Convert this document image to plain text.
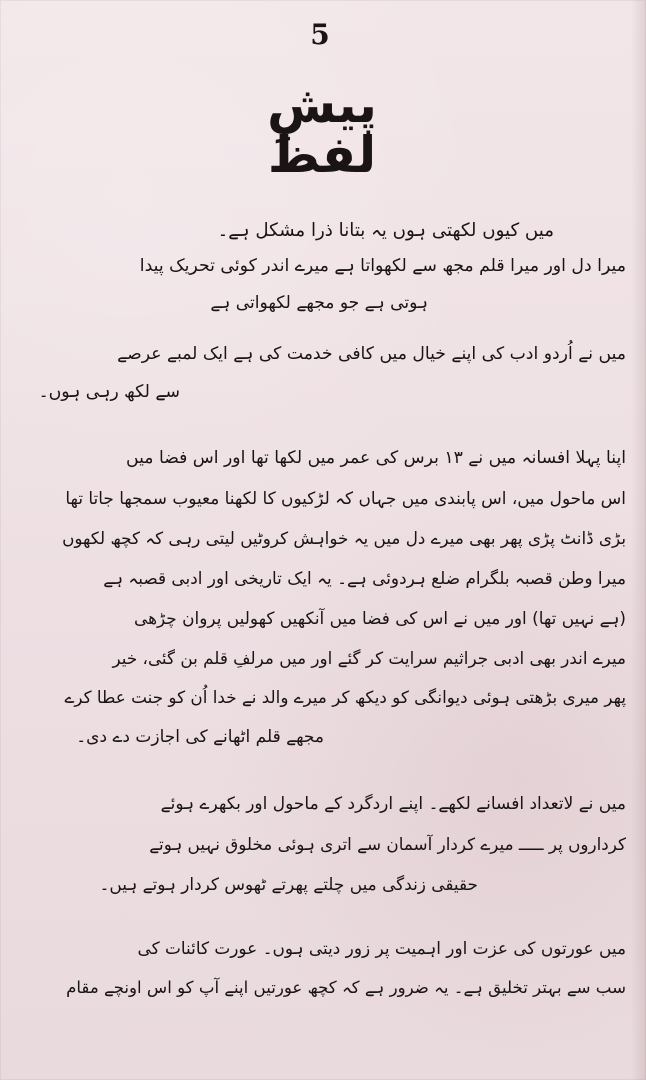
5
پیشِ لفظ
میں کیوں لکھتی ہوں یہ بتانا ذرا مشکل ہے۔
میرا دل اور میرا قلم مجھ سے لکھواتا ہے میرے اندر کوئی تحریک پیدا
ہوتی ہے جو مجھے لکھواتی ہے
میں نے اُردو ادب کی اپنے خیال میں کافی خدمت کی ہے ایک لمبے عرصے
سے لکھ رہی ہوں۔
اپنا پہلا افسانہ میں نے ۱۳ برس کی عمر میں لکھا تھا اور اس فضا میں
اس ماحول میں، اس پابندی میں جہاں کہ لڑکیوں کا لکھنا معیوب سمجھا جاتا تھا
بڑی ڈانٹ پڑی پھر بھی میرے دل میں یہ خواہش کروٹیں لیتی رہی کہ کچھ لکھوں
میرا وطن قصبہ بلگرام ضلع ہردوئی ہے۔ یہ ایک تاریخی اور ادبی قصبہ ہے
(ہے نہیں تھا) اور میں نے اس کی فضا میں آنکھیں کھولیں پروان چڑھی
میرے اندر بھی ادبی جراثیم سرایت کر گئے اور میں مرلفِ قلم بن گئی، خیر
پھر میری بڑھتی ہوئی دیوانگی کو دیکھ کر میرے والد نے خدا اُن کو جنت عطا کرے
مجھے قلم اٹھانے کی اجازت دے دی۔
میں نے لاتعداد افسانے لکھے۔ اپنے اردگرد کے ماحول اور بکھرے ہوئے
کرداروں پر ـــــ میرے کردار آسمان سے اتری ہوئی مخلوق نہیں ہوتے
حقیقی زندگی میں چلتے پھرتے ٹھوس کردار ہوتے ہیں۔
میں عورتوں کی عزت اور اہمیت پر زور دیتی ہوں۔ عورت کائنات کی
سب سے بہتر تخلیق ہے۔ یہ ضرور ہے کہ کچھ عورتیں اپنے آپ کو اس اونچے مقام
